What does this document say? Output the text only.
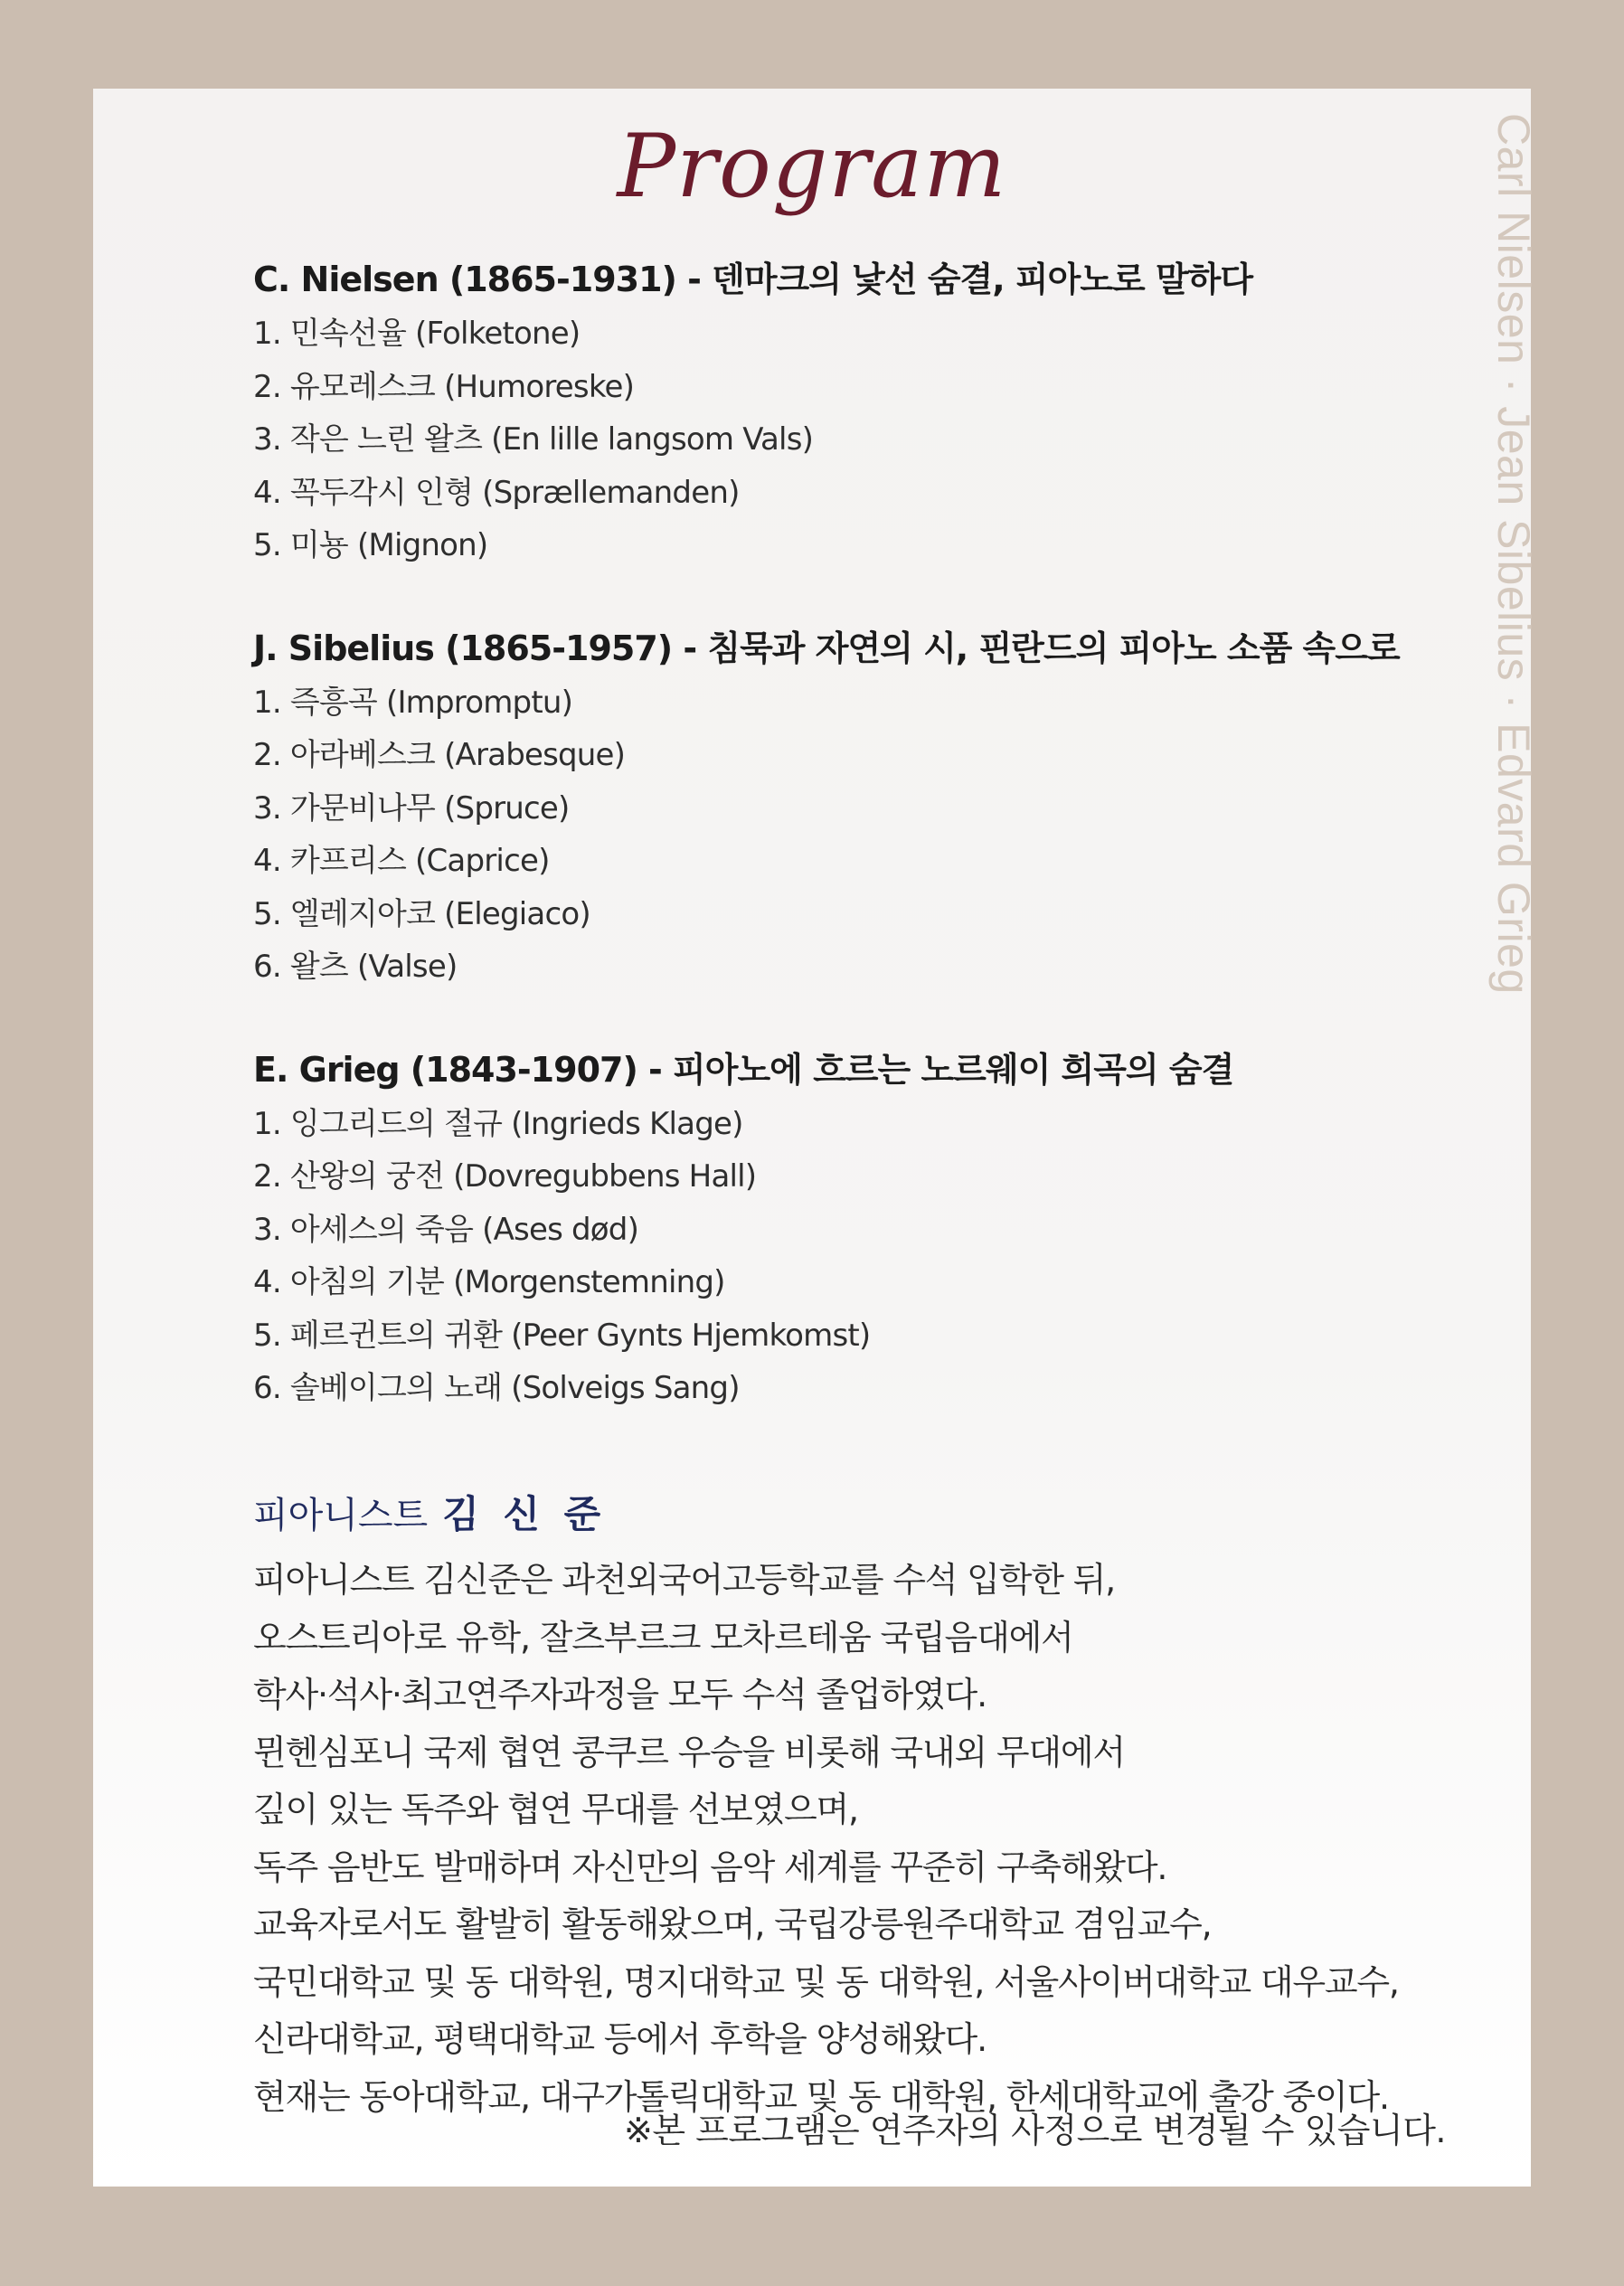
Program	Carl Nielsen · Jean Sibelius · Edvard Grieg
C. Nielsen (1865-1931) - 덴마크의 낯선 숨결, 피아노로 말하다
1. 민속선율 (Folketone)
2. 유모레스크 (Humoreske)
3. 작은 느린 왈츠 (En lille langsom Vals)
4. 꼭두각시 인형 (Sprællemanden)
5. 미뇽 (Mignon)
J. Sibelius (1865-1957) - 침묵과 자연의 시, 핀란드의 피아노 소품 속으로
1. 즉흥곡 (Impromptu)
2. 아라베스크 (Arabesque)
3. 가문비나무 (Spruce)
4. 카프리스 (Caprice)
5. 엘레지아코 (Elegiaco)
6. 왈츠 (Valse)
E. Grieg (1843-1907) - 피아노에 흐르는 노르웨이 희곡의 숨결
1. 잉그리드의 절규 (Ingrieds Klage)
2. 산왕의 궁전 (Dovregubbens Hall)
3. 아세스의 죽음 (Ases død)
4. 아침의 기분 (Morgenstemning)
5. 페르귄트의 귀환 (Peer Gynts Hjemkomst)
6. 솔베이그의 노래 (Solveigs Sang)
피아니스트 김 신 준
피아니스트 김신준은 과천외국어고등학교를 수석 입학한 뒤,
오스트리아로 유학, 잘츠부르크 모차르테움 국립음대에서
학사·석사·최고연주자과정을 모두 수석 졸업하였다.
뮌헨심포니 국제 협연 콩쿠르 우승을 비롯해 국내외 무대에서
깊이 있는 독주와 협연 무대를 선보였으며,
독주 음반도 발매하며 자신만의 음악 세계를 꾸준히 구축해왔다.
교육자로서도 활발히 활동해왔으며, 국립강릉원주대학교 겸임교수,
국민대학교 및 동 대학원, 명지대학교 및 동 대학원, 서울사이버대학교 대우교수,
신라대학교, 평택대학교 등에서 후학을 양성해왔다.
현재는 동아대학교, 대구가톨릭대학교 및 동 대학원, 한세대학교에 출강 중이다.
※본 프로그램은 연주자의 사정으로 변경될 수 있습니다.
